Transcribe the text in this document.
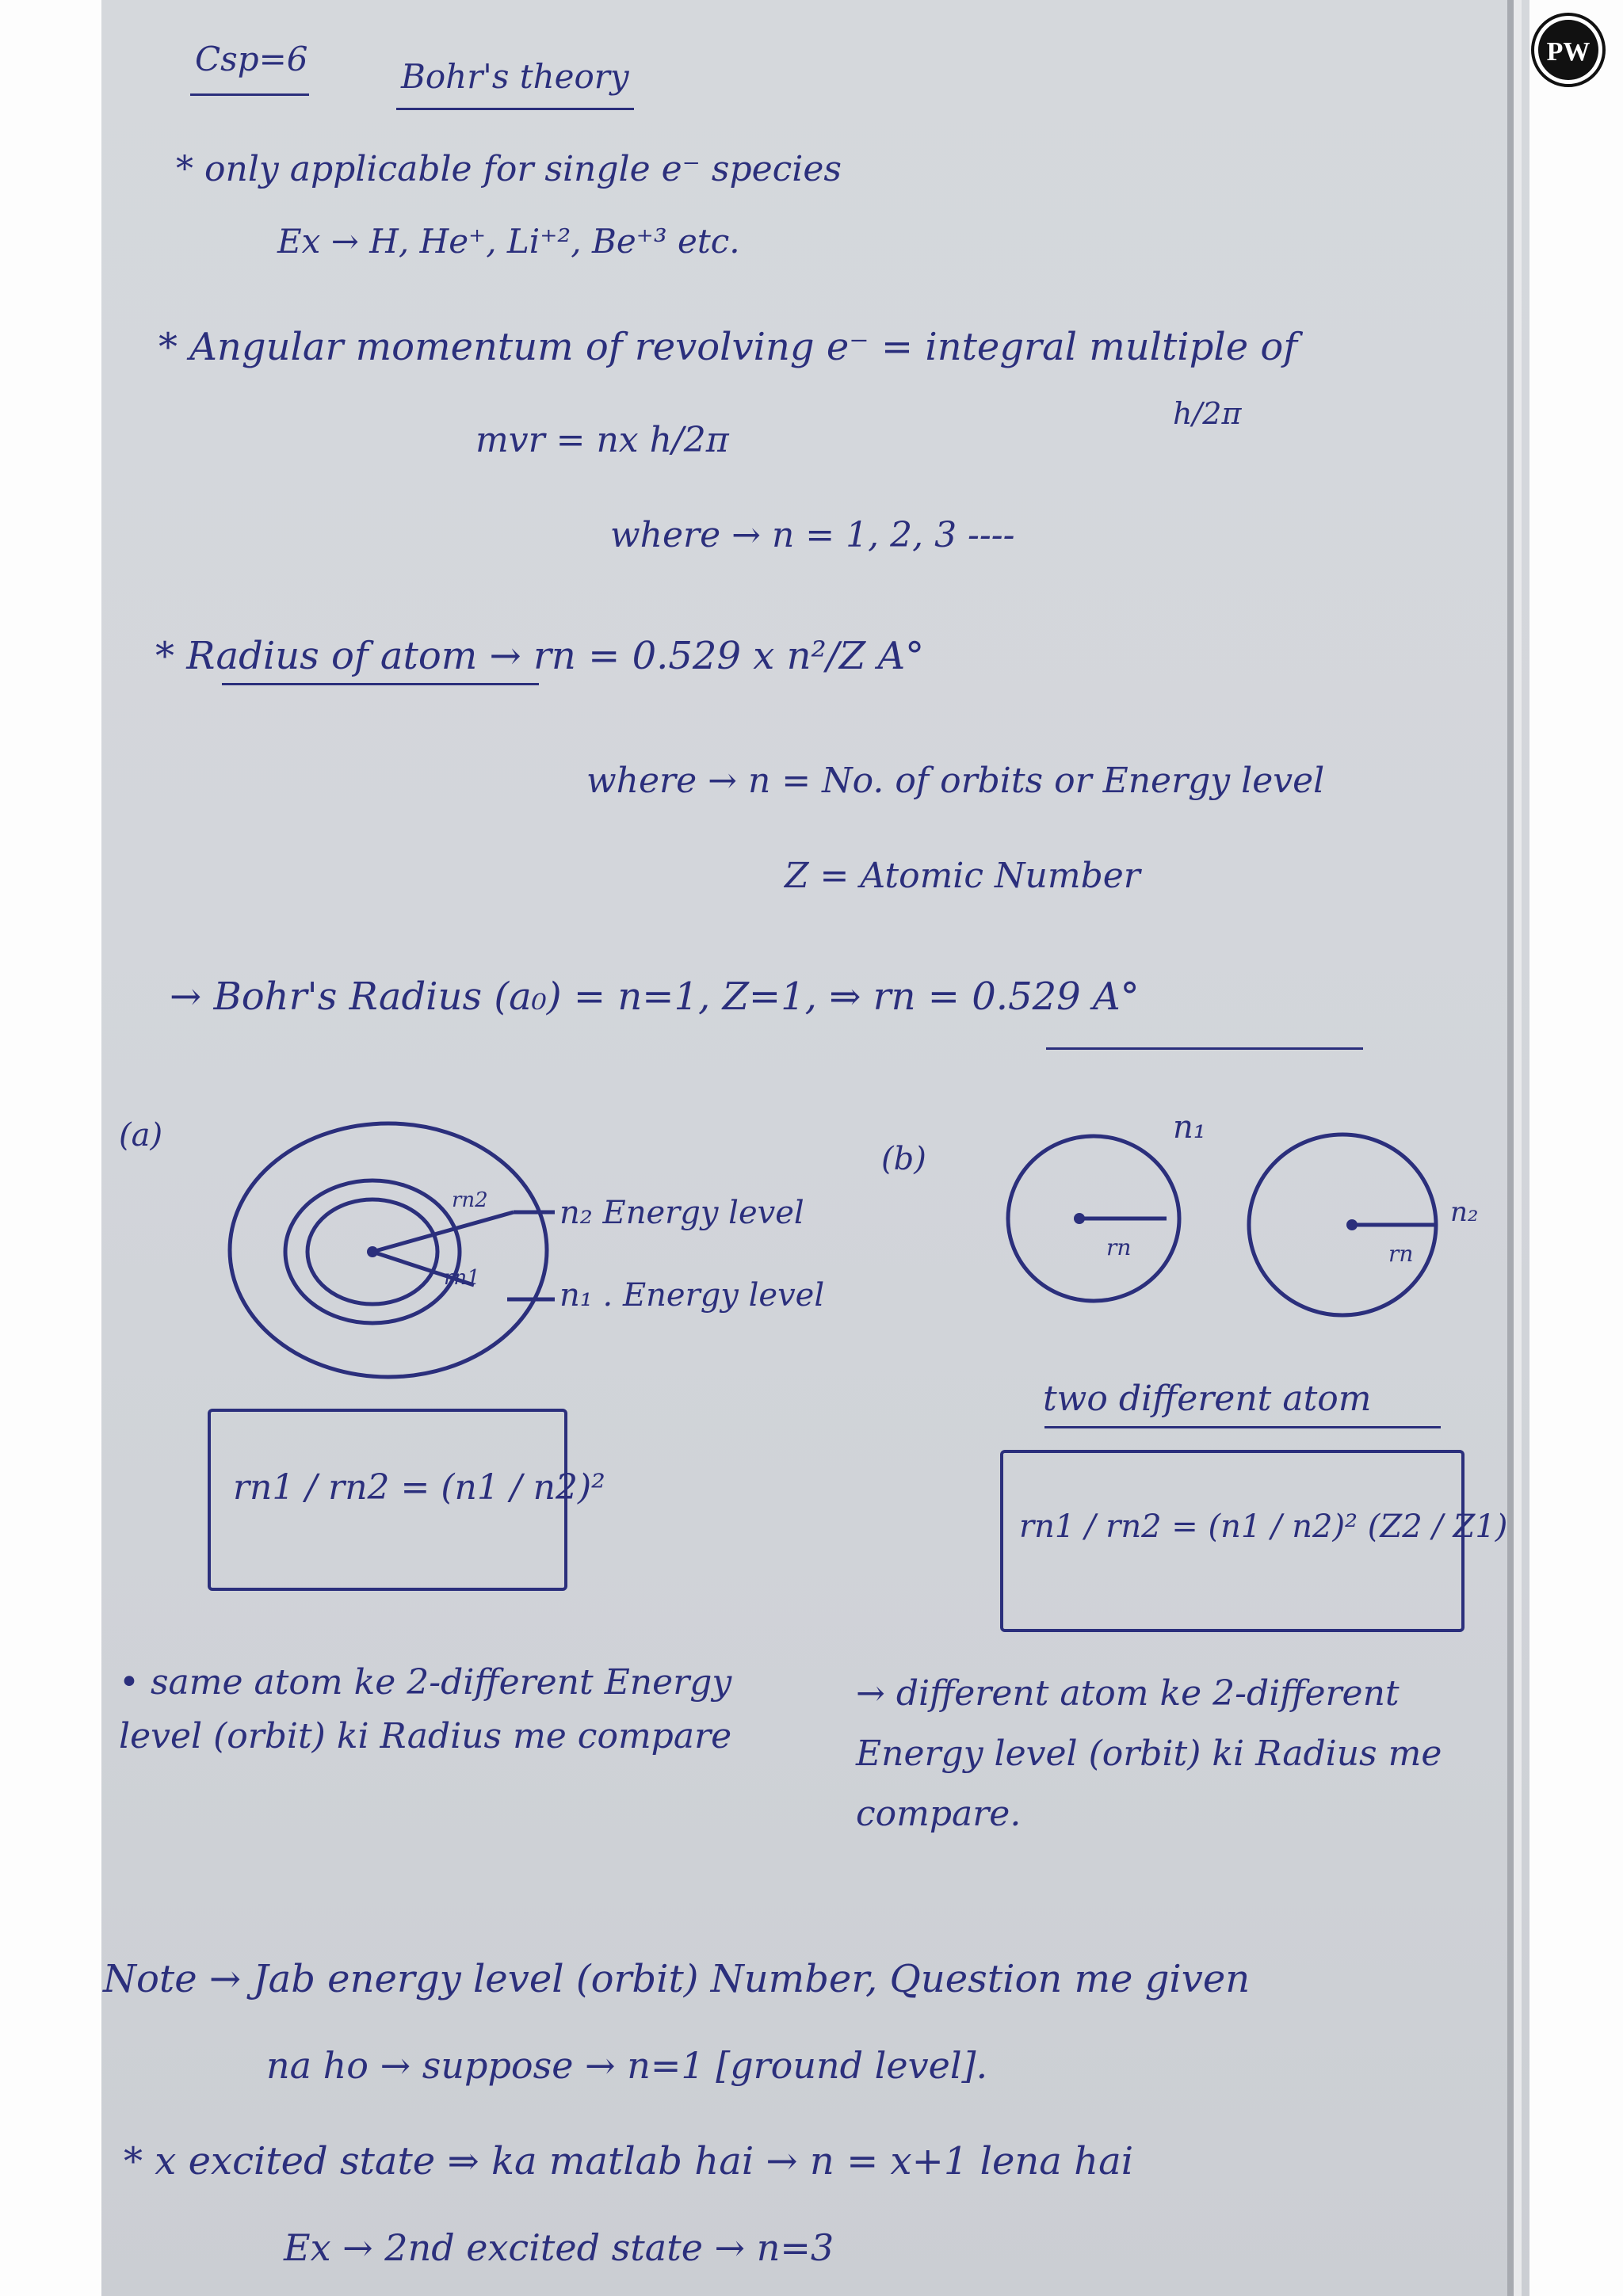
PW
Csp=6	Bohr's theory
* only applicable for single e⁻ species
Ex → H, He⁺, Li⁺², Be⁺³ etc.
* Angular momentum of revolving e⁻ = integral multiple of
h/2π
mvr = nx h/2π
where → n = 1, 2, 3 ----
* Radius of atom → rn = 0.529 x n²/Z A°
where → n = No. of orbits or Energy level
Z = Atomic Number
→ Bohr's Radius (a₀) = n=1, Z=1, ⇒ rn = 0.529 A°
(a)
rn2
rn1
n₂ Energy level
n₁ . Energy level
rn1 / rn2 = (n1 / n2)²
(b)
n₁
n₂
rn	rn
two different atom
rn1 / rn2 = (n1 / n2)² (Z2 / Z1)
• same atom ke 2-different Energy level (orbit) ki Radius me compare
→ different atom ke 2-different Energy level (orbit) ki Radius me compare.
Note → Jab energy level (orbit) Number, Question me given
na ho → suppose → n=1 [ground level].
* x excited state ⇒ ka matlab hai → n = x+1 lena hai
Ex → 2nd excited state → n=3
